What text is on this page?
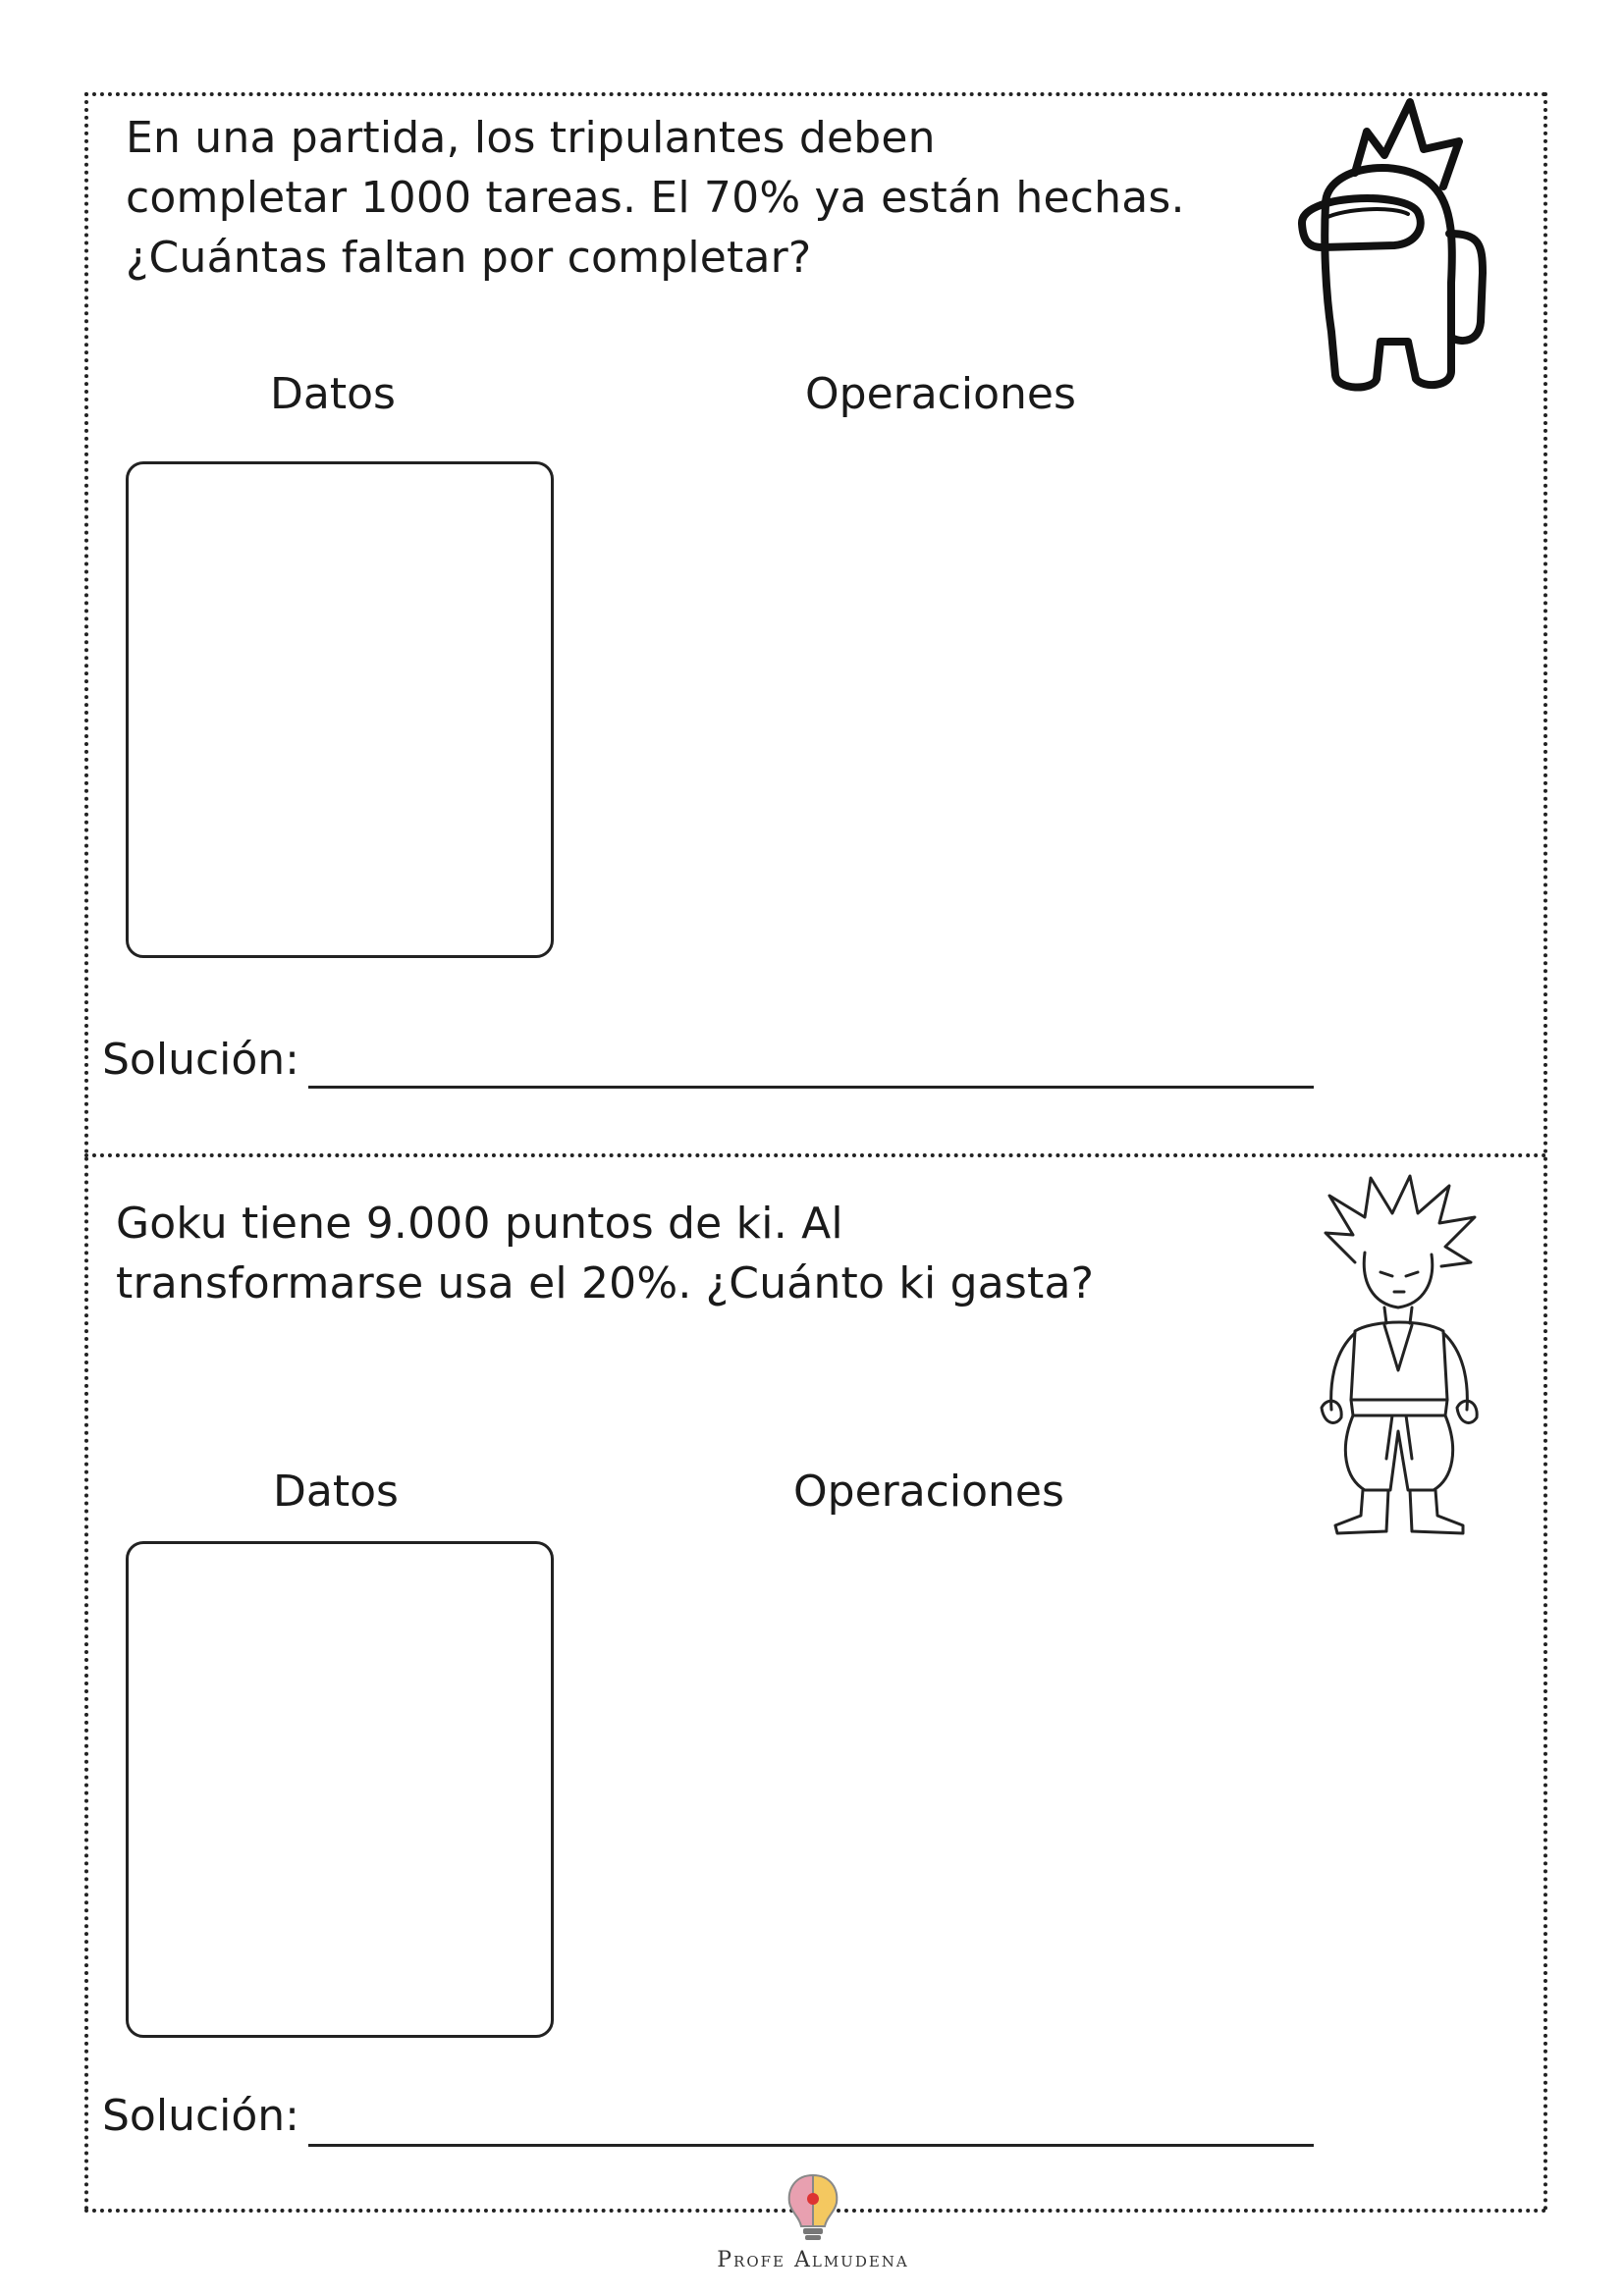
En una partida, los tripulantes deben
completar 1000 tareas. El 70% ya están hechas.
¿Cuántas faltan por completar?

Datos	Operaciones
Solución:

Goku tiene 9.000 puntos de ki. Al
transformarse usa el 20%. ¿Cuánto ki gasta?

Datos	Operaciones
Solución:
Profe Almudena
